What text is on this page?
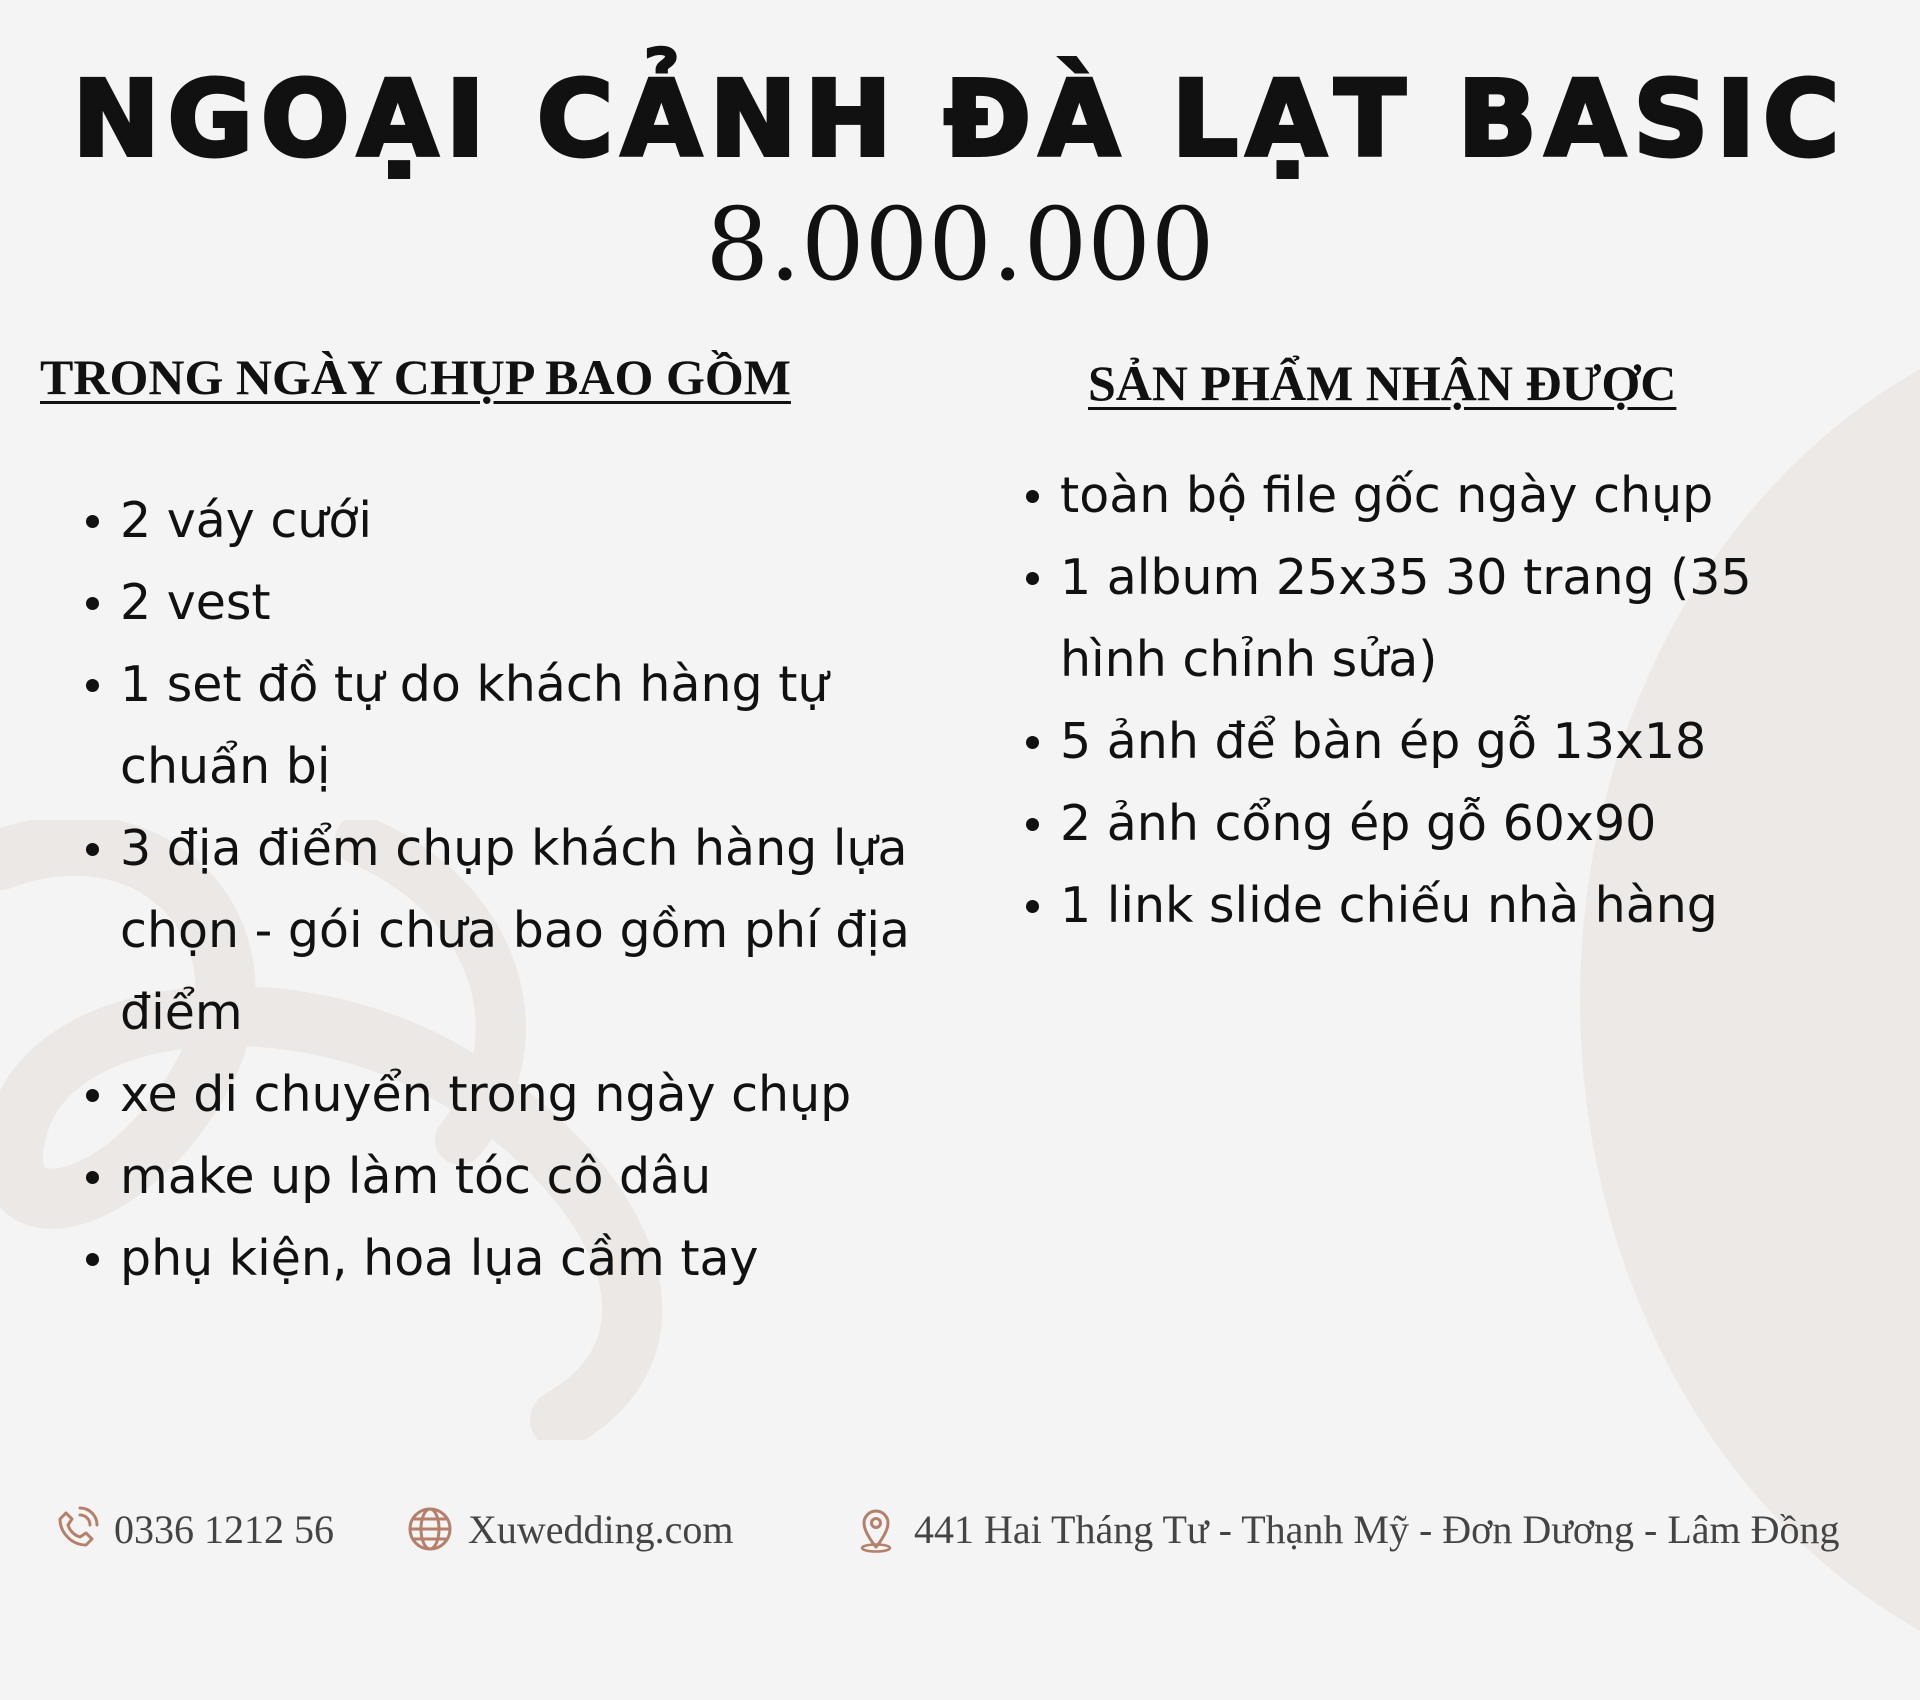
NGOẠI CẢNH ĐÀ LẠT BASIC
8.000.000
TRONG NGÀY CHỤP BAO GỒM
2 váy cưới
2 vest
1 set đồ tự do khách hàng tự chuẩn bị
3 địa điểm chụp khách hàng lựa chọn - gói chưa bao gồm phí địa điểm
xe di chuyển trong ngày chụp
make up làm tóc cô dâu
phụ kiện, hoa lụa cầm tay
SẢN PHẨM NHẬN ĐƯỢC
toàn bộ file gốc ngày chụp
1 album 25x35 30 trang (35 hình chỉnh sửa)
5 ảnh để bàn ép gỗ 13x18
2 ảnh cổng ép gỗ 60x90
1 link slide chiếu nhà hàng
0336 1212 56	Xuwedding.com	441 Hai Tháng Tư - Thạnh Mỹ - Đơn Dương - Lâm Đồng
